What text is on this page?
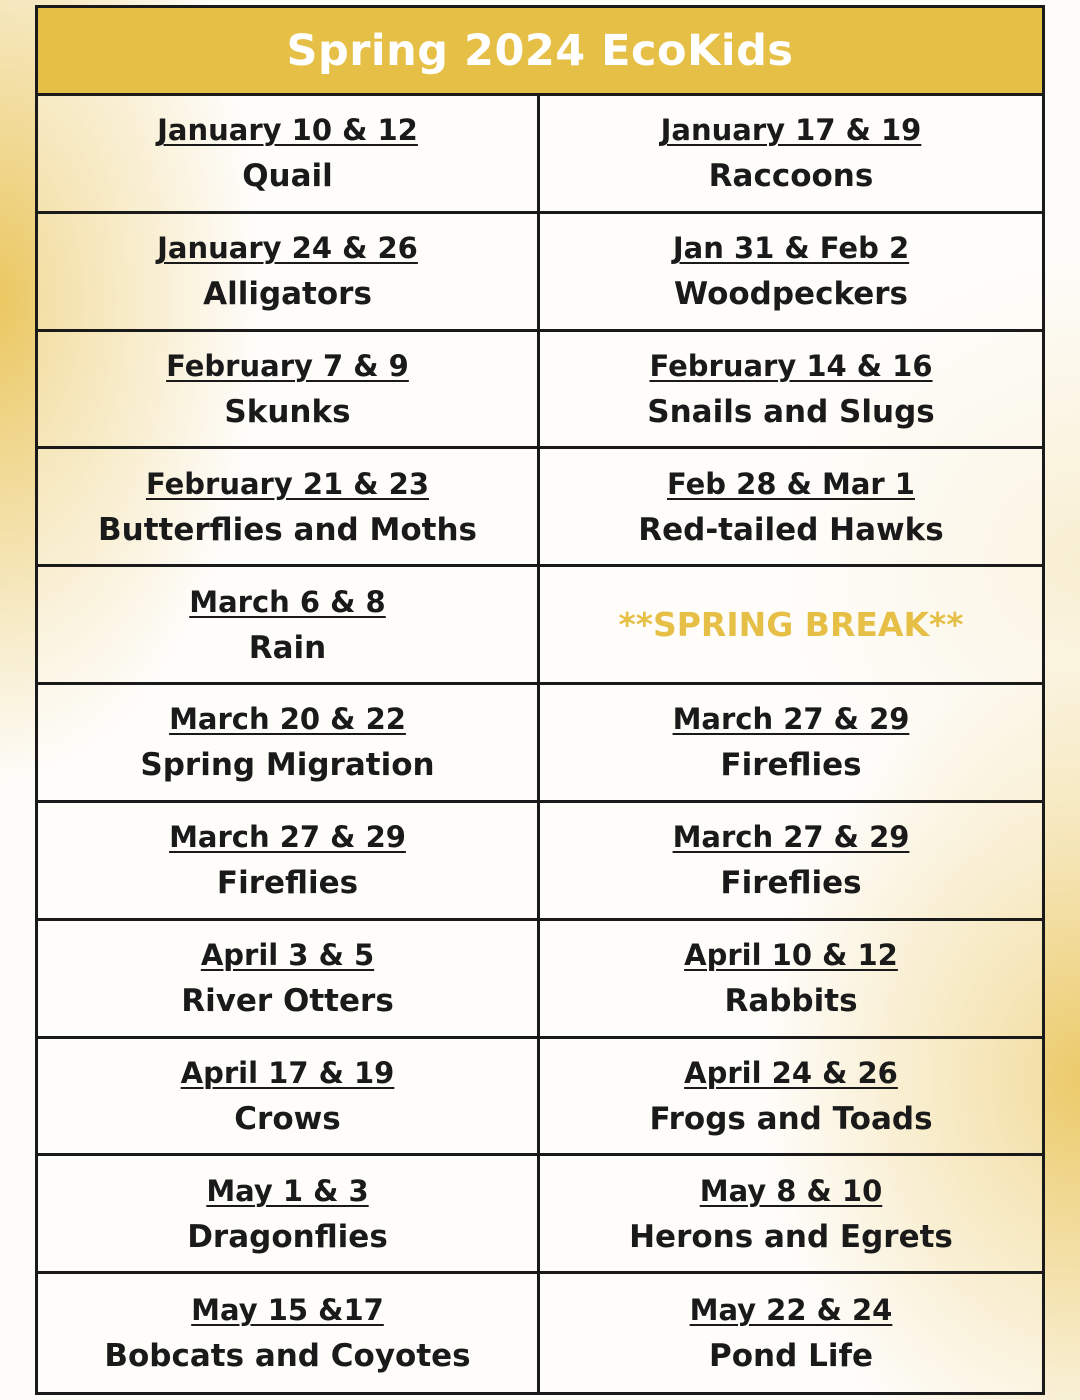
Spring 2024 EcoKids
January 10 & 12
Quail
January 17 & 19
Raccoons
January 24 & 26
Alligators
Jan 31 & Feb 2
Woodpeckers
February 7 & 9
Skunks
February 14 & 16
Snails and Slugs
February 21 & 23
Butterflies and Moths
Feb 28 & Mar 1
Red-tailed Hawks
March 6 & 8
Rain
**SPRING BREAK**
March 20 & 22
Spring Migration
March 27 & 29
Fireflies
March 27 & 29
Fireflies
March 27 & 29
Fireflies
April 3 & 5
River Otters
April 10 & 12
Rabbits
April 17 & 19
Crows
April 24 & 26
Frogs and Toads
May 1 & 3
Dragonflies
May 8 & 10
Herons and Egrets
May 15 &17
Bobcats and Coyotes
May 22 & 24
Pond Life
